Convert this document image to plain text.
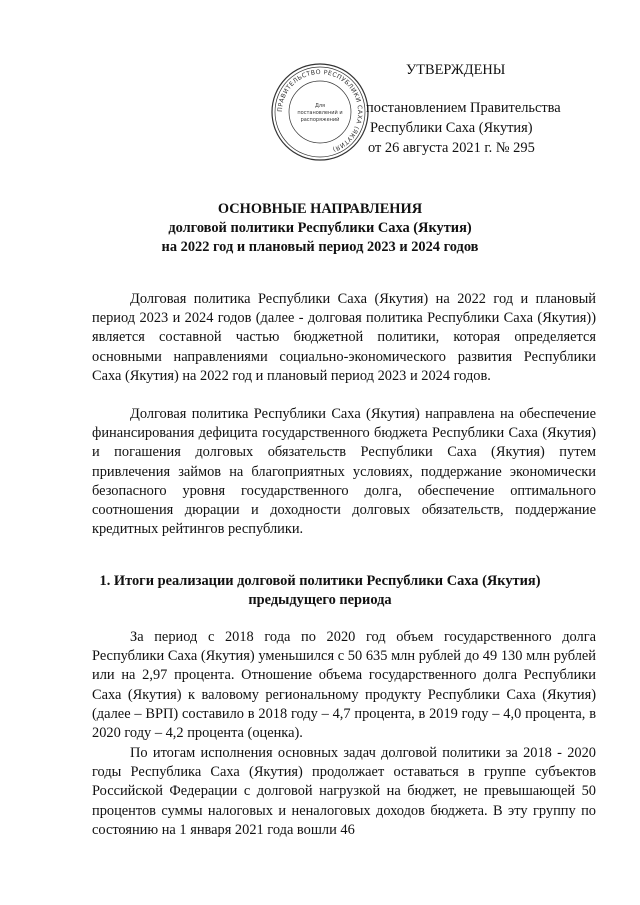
ПРАВИТЕЛЬСТВО РЕСПУБЛИКИ САХА (ЯКУТИЯ)
Для
постановлений и
распоряжений
УТВЕРЖДЕНЫ
постановлением Правительства
Республики Саха (Якутия)
от 26 августа 2021 г. № 295
ОСНОВНЫЕ НАПРАВЛЕНИЯ
долговой политики Республики Саха (Якутия)
на 2022 год и плановый период 2023 и 2024 годов

Долговая политика Республики Саха (Якутия) на 2022 год и плановый период 2023 и 2024 годов (далее - долговая политика Республики Саха (Якутия)) является составной частью бюджетной политики, которая определяется основными направлениями социально-экономического развития Республики Саха (Якутия) на 2022 год и плановый период 2023 и 2024 годов.

Долговая политика Республики Саха (Якутия) направлена на обеспечение финансирования дефицита государственного бюджета Республики Саха (Якутия) и погашения долговых обязательств Республики Саха (Якутия) путем привлечения займов на благоприятных условиях, поддержание экономически безопасного уровня государственного долга, обеспечение оптимального соотношения дюрации и доходности долговых обязательств, поддержание кредитных рейтингов республики.

1. Итоги реализации долговой политики Республики Саха (Якутия)
предыдущего периода

За период с 2018 года по 2020 год объем государственного долга Республики Саха (Якутия) уменьшился с 50 635 млн рублей до 49 130 млн рублей или на 2,97 процента. Отношение объема государственного долга Республики Саха (Якутия) к валовому региональному продукту Республики Саха (Якутия) (далее – ВРП) составило в 2018 году – 4,7 процента, в 2019 году – 4,0 процента, в 2020 году – 4,2 процента (оценка).

По итогам исполнения основных задач долговой политики за 2018 - 2020 годы Республика Саха (Якутия) продолжает оставаться в группе субъектов Российской Федерации с долговой нагрузкой на бюджет, не превышающей 50 процентов суммы налоговых и неналоговых доходов бюджета. В эту группу по состоянию на 1 января 2021 года вошли 46
